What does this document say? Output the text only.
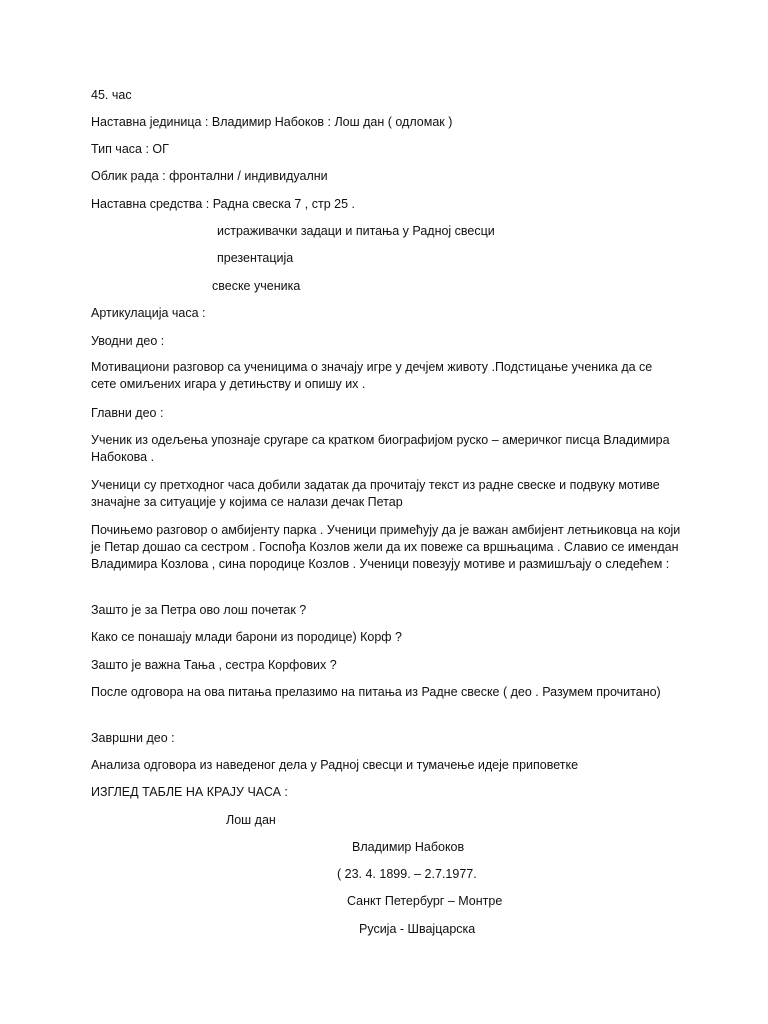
45. час
Наставна јединица : Владимир Набоков : Лош дан ( одломак )
Тип часа : ОГ
Облик рада : фронтални / индивидуални
Наставна средства : Радна свеска 7 , стр 25 .
истраживачки задаци и питања у Радној свесци
презентација
свеске ученика
Артикулација часа :
Уводни део :
Мотивациони разговор са ученицима о значају игре у дечјем животу .Подстицање ученика да се сете омиљених игара у детињству и опишу их .
Главни део :
Ученик из одељења упознаје сругаре са кратком биографијом руско – америчког писца Владимира Набокова .
Ученици су претходног часа добили задатак да прочитају текст из радне свеске и подвуку мотиве значајне за ситуације у којима се налази дечак Петар
Почињемо разговор о амбијенту парка . Ученици примећују да је важан амбијент летњиковца на који је Петар дошао са сестром . Госпођа Козлов жели да их повеже са вршњацима . Славио се имендан Владимира Козлова , сина породице Козлов . Ученици повезују мотиве и размишљају о следећем :
Зашто је за Петра ово лош почетак ?
Како се понашају млади барони из породице) Корф ?
Зашто је важна Тања , сестра Корфових ?
После одговора на ова питања прелазимо на питања из Радне свеске ( део . Разумем прочитано)
Завршни део :
Анализа одговора из наведеног дела у Радној свесци и тумачење идеје приповетке
ИЗГЛЕД ТАБЛЕ НА КРАЈУ ЧАСА :
Лош дан
Владимир Набоков
( 23. 4. 1899. – 2.7.1977.
Санкт Петербург – Монтре
Русија - Швајцарска
